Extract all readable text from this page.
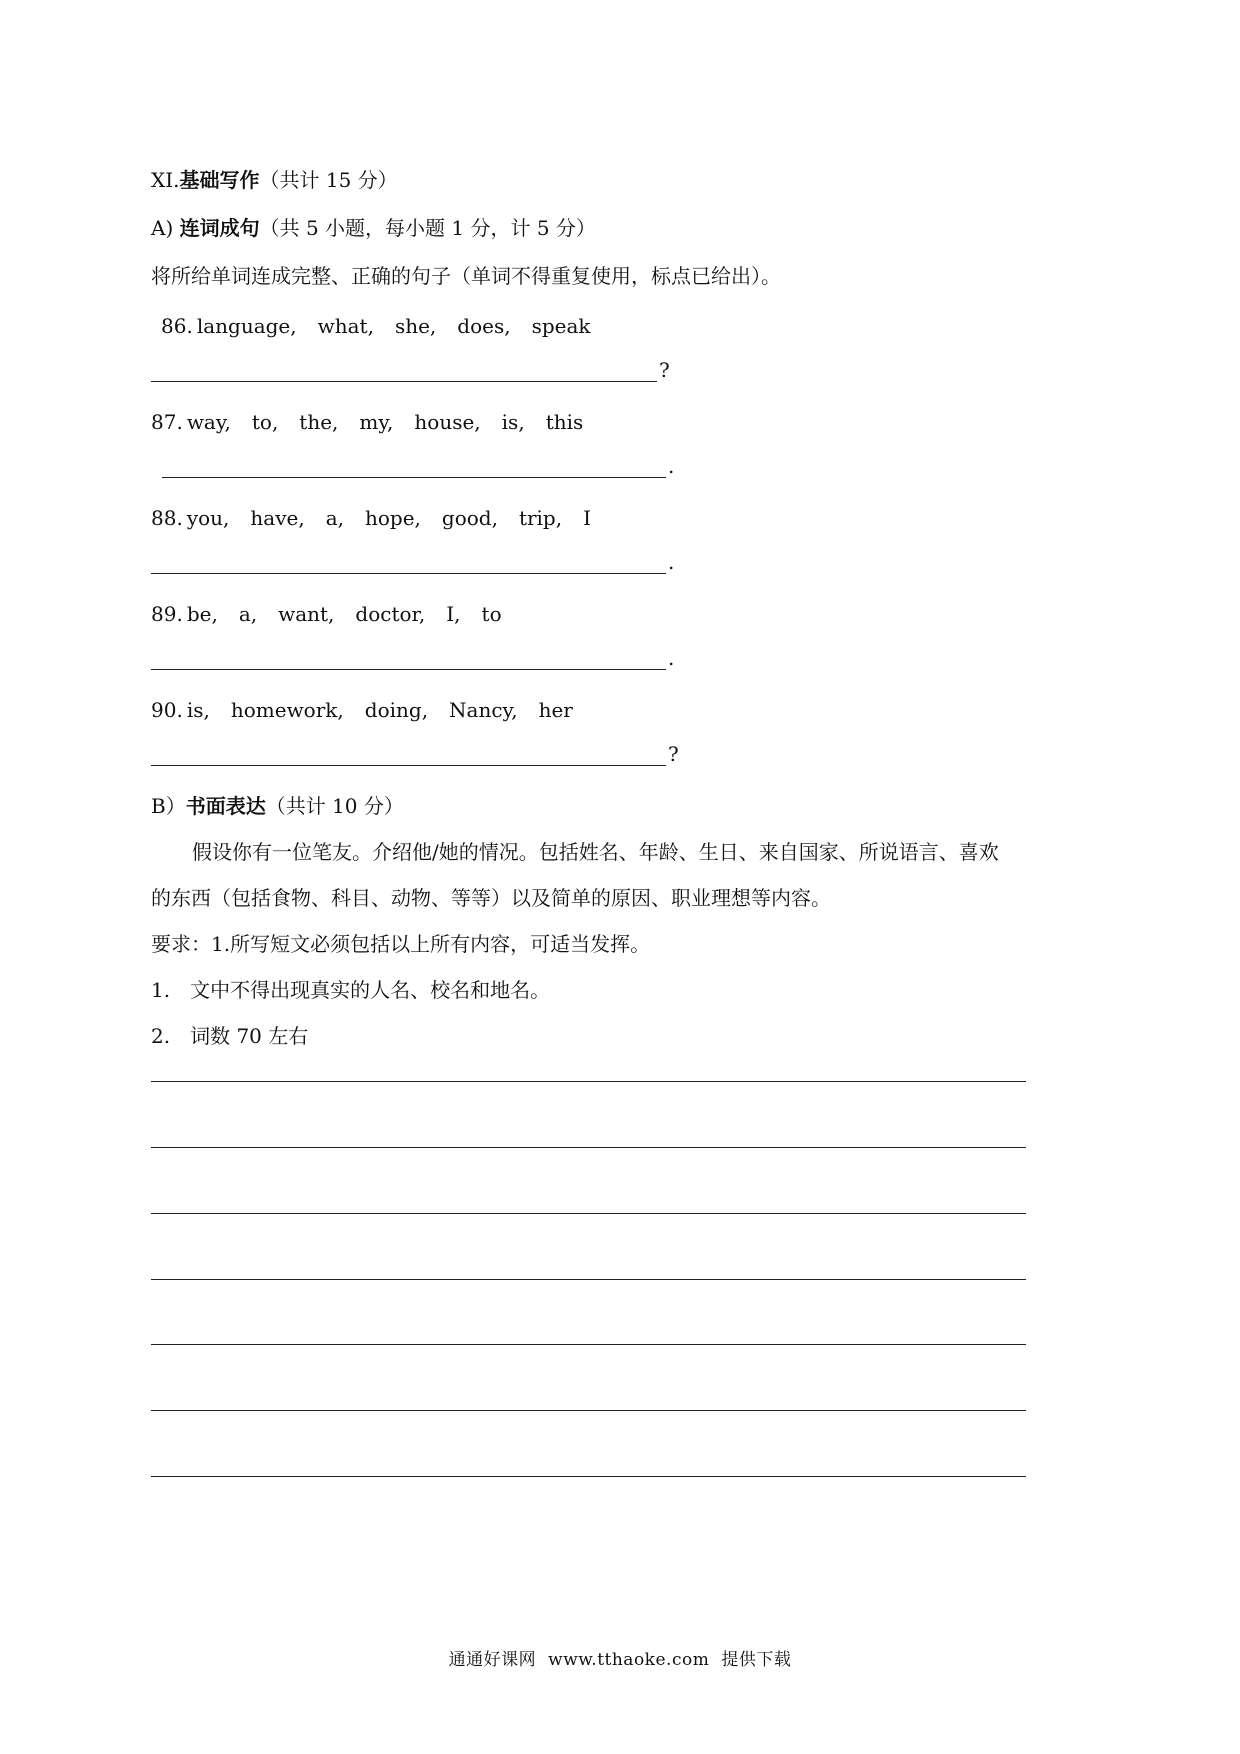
XI.基础写作（共计 15 分）
A) 连词成句（共 5 小题，每小题 1 分，计 5 分）
将所给单词连成完整、正确的句子（单词不得重复使用，标点已给出）。
86. language, what, she, does, speak
?
87. way, to, the, my, house, is, this
.
88. you, have, a, hope, good, trip, I
.
89. be, a, want, doctor, I, to
.
90. is, homework, doing, Nancy, her
?
B）书面表达（共计 10 分）
假设你有一位笔友。介绍他/她的情况。包括姓名、年龄、生日、来自国家、所说语言、喜欢
的东西（包括食物、科目、动物、等等）以及简单的原因、职业理想等内容。
要求：1.所写短文必须包括以上所有内容，可适当发挥。
1.　文中不得出现真实的人名、校名和地名。
2.　词数 70 左右
通通好课网 www.tthaoke.com 提供下载
